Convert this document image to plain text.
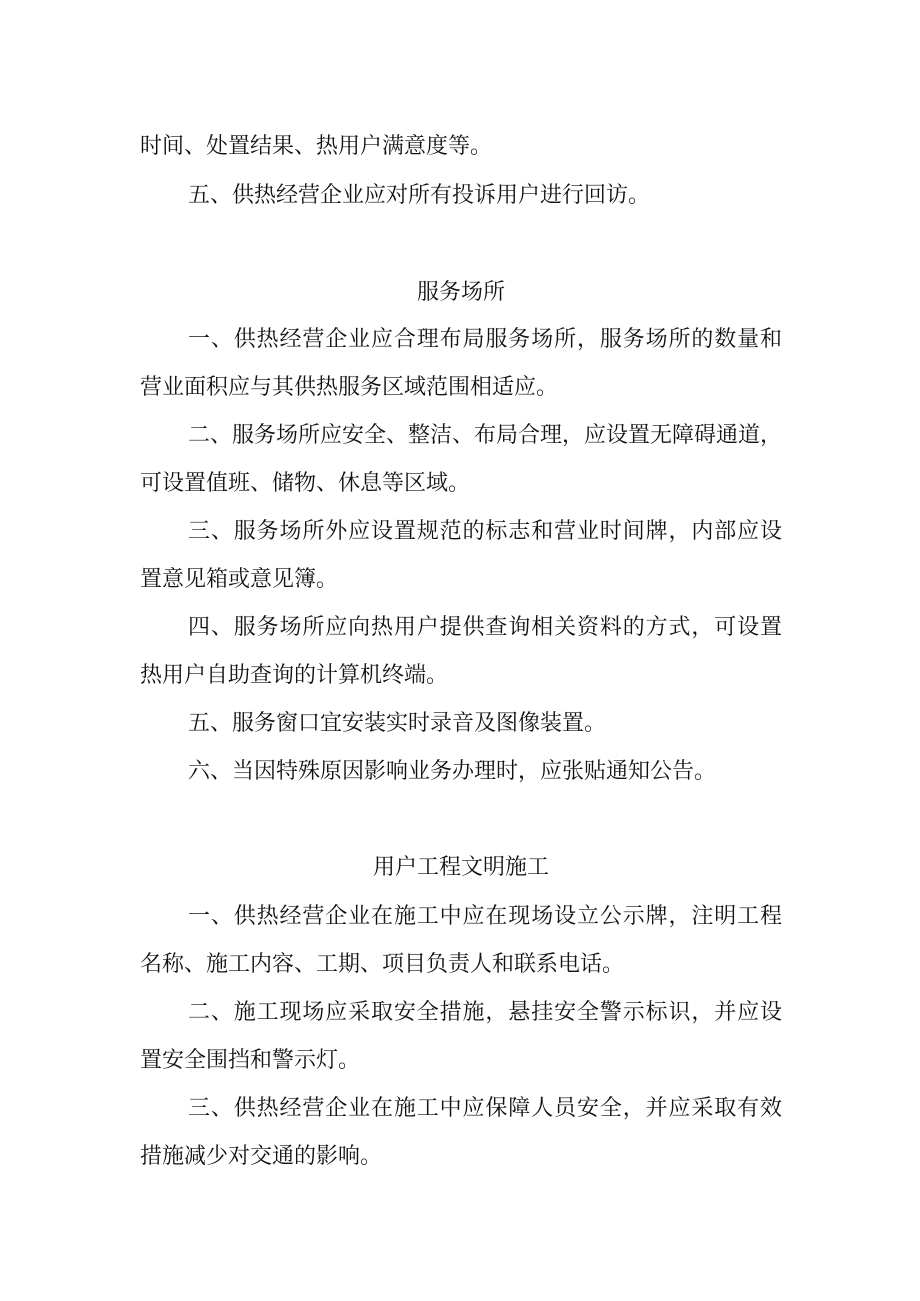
时间、处置结果、热用户满意度等。
五、供热经营企业应对所有投诉用户进行回访。
服务场所
一、供热经营企业应合理布局服务场所，服务场所的数量和
营业面积应与其供热服务区域范围相适应。
二、服务场所应安全、整洁、布局合理，应设置无障碍通道，
可设置值班、储物、休息等区域。
三、服务场所外应设置规范的标志和营业时间牌，内部应设
置意见箱或意见簿。
四、服务场所应向热用户提供查询相关资料的方式，可设置
热用户自助查询的计算机终端。
五、服务窗口宜安装实时录音及图像装置。
六、当因特殊原因影响业务办理时，应张贴通知公告。
用户工程文明施工
一、供热经营企业在施工中应在现场设立公示牌，注明工程
名称、施工内容、工期、项目负责人和联系电话。
二、施工现场应采取安全措施，悬挂安全警示标识，并应设
置安全围挡和警示灯。
三、供热经营企业在施工中应保障人员安全，并应采取有效
措施减少对交通的影响。
